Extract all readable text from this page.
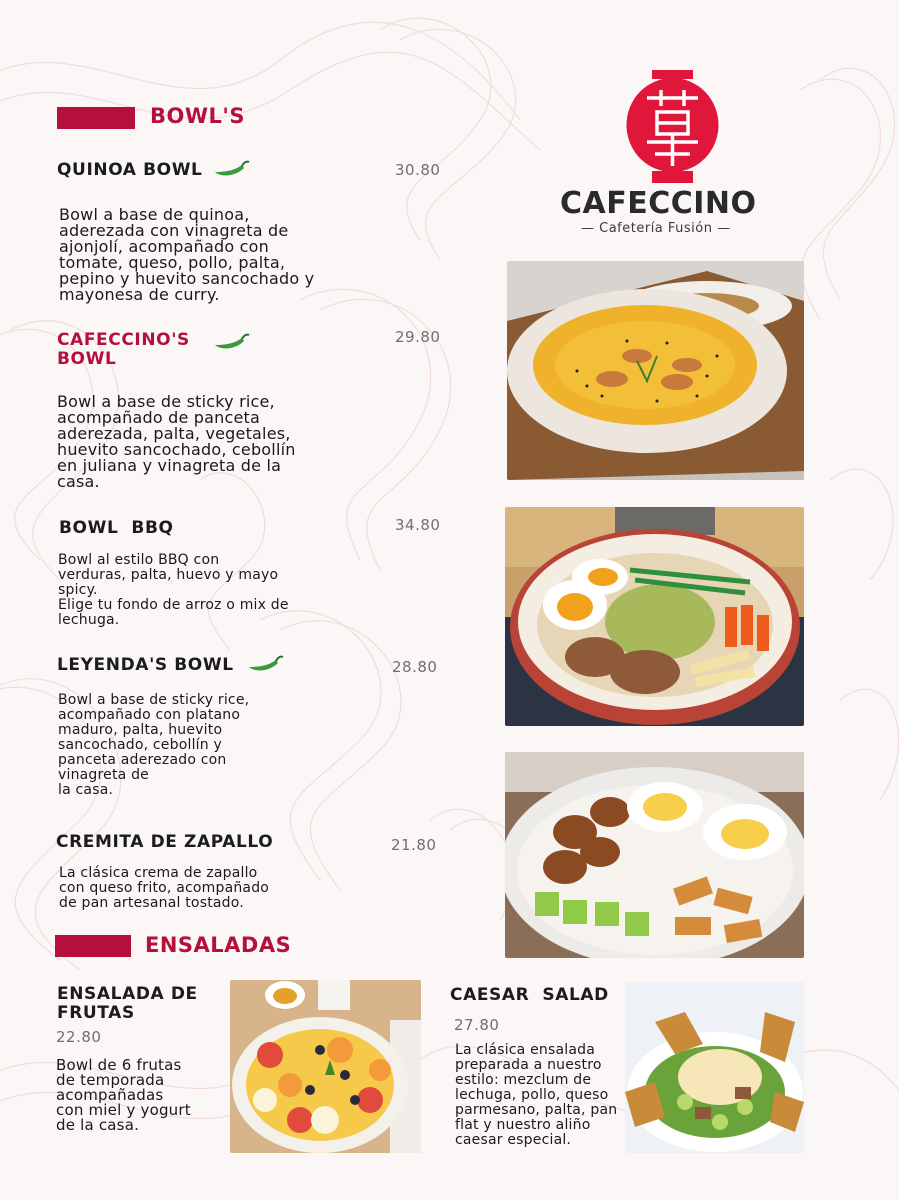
BOWL'S
QUINOA BOWL	30.80
Bowl a base de quinoa,
aderezada con vinagreta de
ajonjolí, acompañado con
tomate, queso, pollo, palta,
pepino y huevito sancochado y
mayonesa de curry.
CAFECCINO'S
BOWL
29.80
Bowl a base de sticky rice,
acompañado de panceta
aderezada, palta, vegetales,
huevito sancochado, cebollín
en juliana y vinagreta de la
casa.
BOWL  BBQ	34.80
Bowl al estilo BBQ con
verduras, palta, huevo y mayo
spicy.
Elige tu fondo de arroz o mix de
lechuga.
LEYENDA'S BOWL	28.80
Bowl a base de sticky rice,
acompañado con platano
maduro, palta, huevito
sancochado, cebollín y
panceta aderezado con
vinagreta de
la casa.
CREMITA DE ZAPALLO	21.80
La clásica crema de zapallo
con queso frito, acompañado
de pan artesanal tostado.
ENSALADAS
ENSALADA DE
FRUTAS
22.80
Bowl de 6 frutas
de temporada
acompañadas
con miel y yogurt
de la casa.
CAESAR  SALAD
27.80
La clásica ensalada
preparada a nuestro
estilo: mezclum de
lechuga, pollo, queso
parmesano, palta, pan
flat y nuestro aliño
caesar especial.
CAFECCINO
— Cafetería Fusión —
